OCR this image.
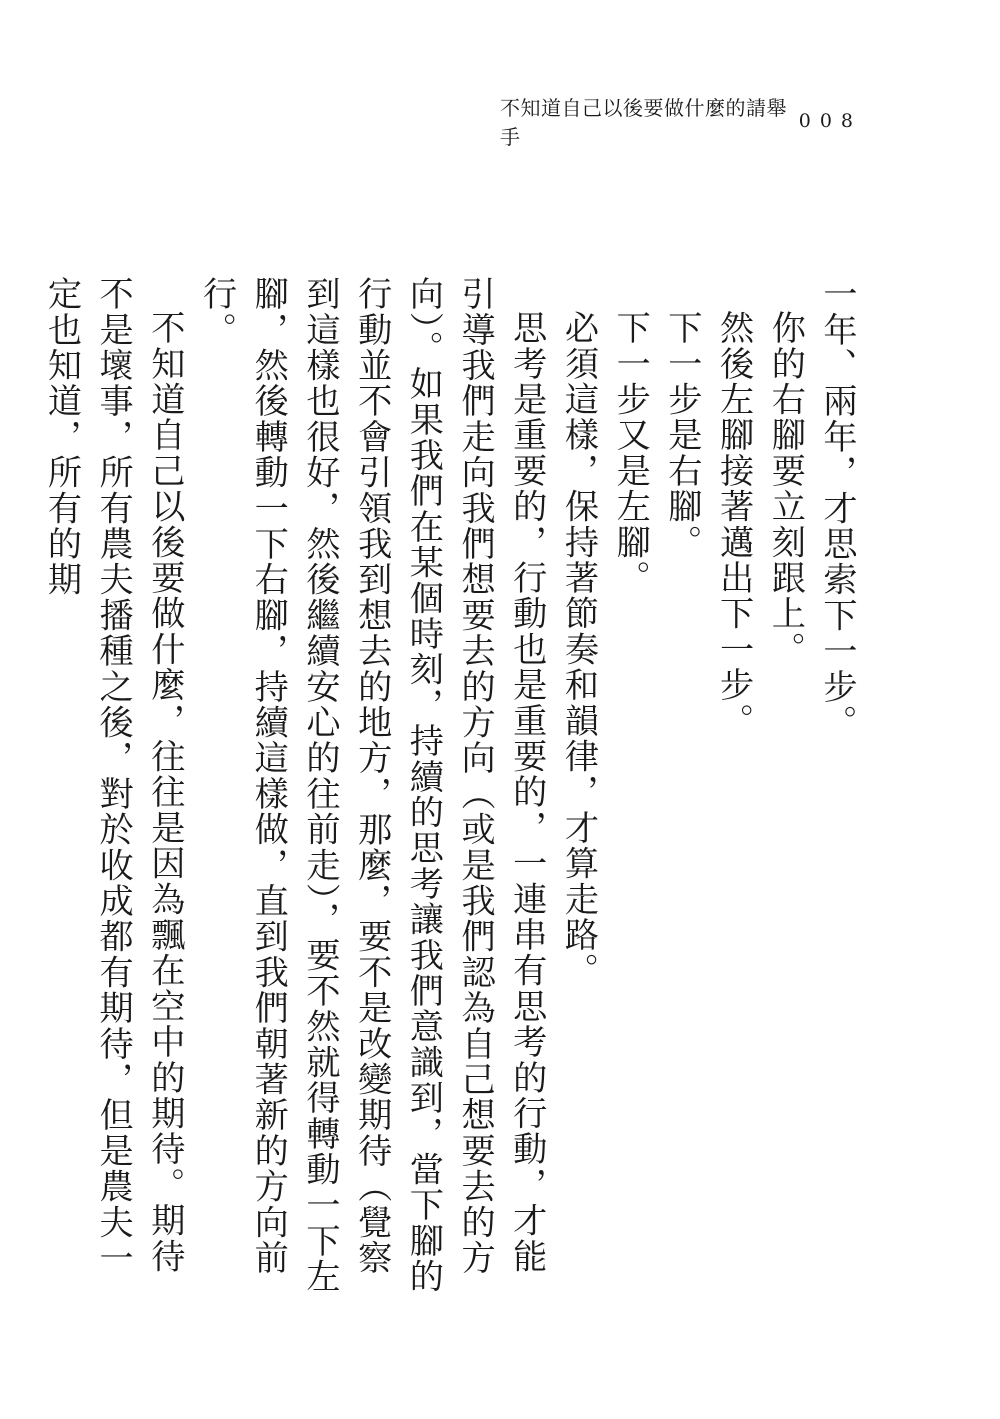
不知道自己以後要做什麼的請舉手
008

一年、兩年，才思索下一步。

你的右腳要立刻跟上。

然後左腳接著邁出下一步。

下一步是右腳。

下一步又是左腳。

必須這樣，保持著節奏和韻律，才算走路。

思考是重要的，行動也是重要的，一連串有思考的行動，才能引導我們走向我們想要去的方向（或是我們認為自己想要去的方向）。如果我們在某個時刻，持續的思考讓我們意識到，當下腳的行動並不會引領我到想去的地方，那麼，要不是改變期待（覺察到這樣也很好，然後繼續安心的往前走），要不然就得轉動一下左腳，然後轉動一下右腳，持續這樣做，直到我們朝著新的方向前行。

不知道自己以後要做什麼，往往是因為飄在空中的期待。期待不是壞事，所有農夫播種之後，對於收成都有期待，但是農夫一定也知道，所有的期
